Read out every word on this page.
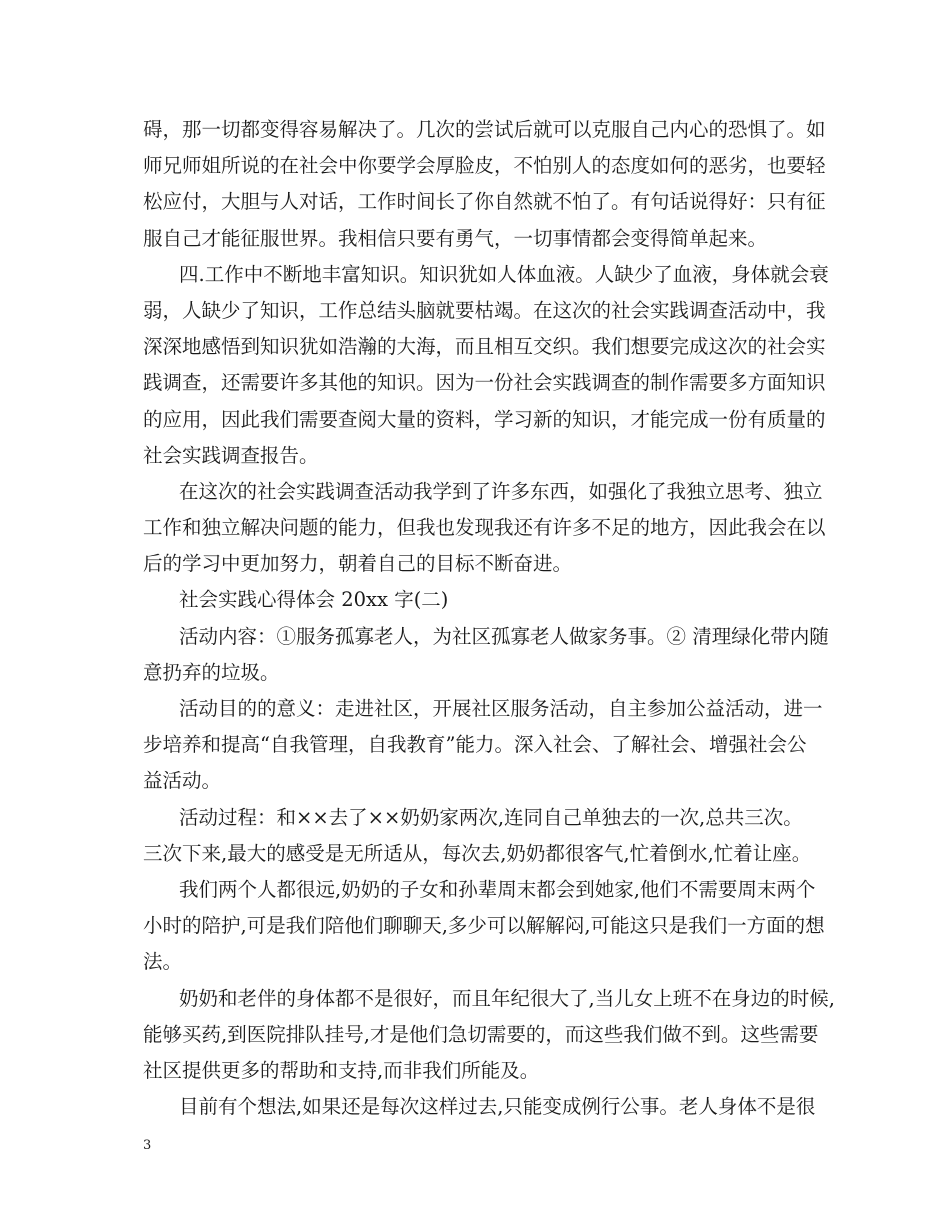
碍，那一切都变得容易解决了。几次的尝试后就可以克服自己内心的恐惧了。如
师兄师姐所说的在社会中你要学会厚脸皮，不怕别人的态度如何的恶劣，也要轻
松应付，大胆与人对话，工作时间长了你自然就不怕了。有句话说得好：只有征
服自己才能征服世界。我相信只要有勇气，一切事情都会变得简单起来。
四.工作中不断地丰富知识。知识犹如人体血液。人缺少了血液，身体就会衰
弱，人缺少了知识，工作总结头脑就要枯竭。在这次的社会实践调查活动中，我
深深地感悟到知识犹如浩瀚的大海，而且相互交织。我们想要完成这次的社会实
践调查，还需要许多其他的知识。因为一份社会实践调查的制作需要多方面知识
的应用，因此我们需要查阅大量的资料，学习新的知识，才能完成一份有质量的
社会实践调查报告。
在这次的社会实践调查活动我学到了许多东西，如强化了我独立思考、独立
工作和独立解决问题的能力，但我也发现我还有许多不足的地方，因此我会在以
后的学习中更加努力，朝着自己的目标不断奋进。
社会实践心得体会 20xx 字(二)
活动内容：①服务孤寡老人，为社区孤寡老人做家务事。② 清理绿化带内随
意扔弃的垃圾。
活动目的的意义：走进社区，开展社区服务活动，自主参加公益活动，进一
步培养和提高“自我管理，自我教育”能力。深入社会、了解社会、增强社会公
益活动。
活动过程：和××去了××奶奶家两次,连同自己单独去的一次,总共三次。
三次下来,最大的感受是无所适从，每次去,奶奶都很客气,忙着倒水,忙着让座。
我们两个人都很远,奶奶的子女和孙辈周末都会到她家,他们不需要周末两个
小时的陪护,可是我们陪他们聊聊天,多少可以解解闷,可能这只是我们一方面的想
法。
奶奶和老伴的身体都不是很好，而且年纪很大了,当儿女上班不在身边的时候,
能够买药,到医院排队挂号,才是他们急切需要的，而这些我们做不到。这些需要
社区提供更多的帮助和支持,而非我们所能及。
目前有个想法,如果还是每次这样过去,只能变成例行公事。老人身体不是很
3
